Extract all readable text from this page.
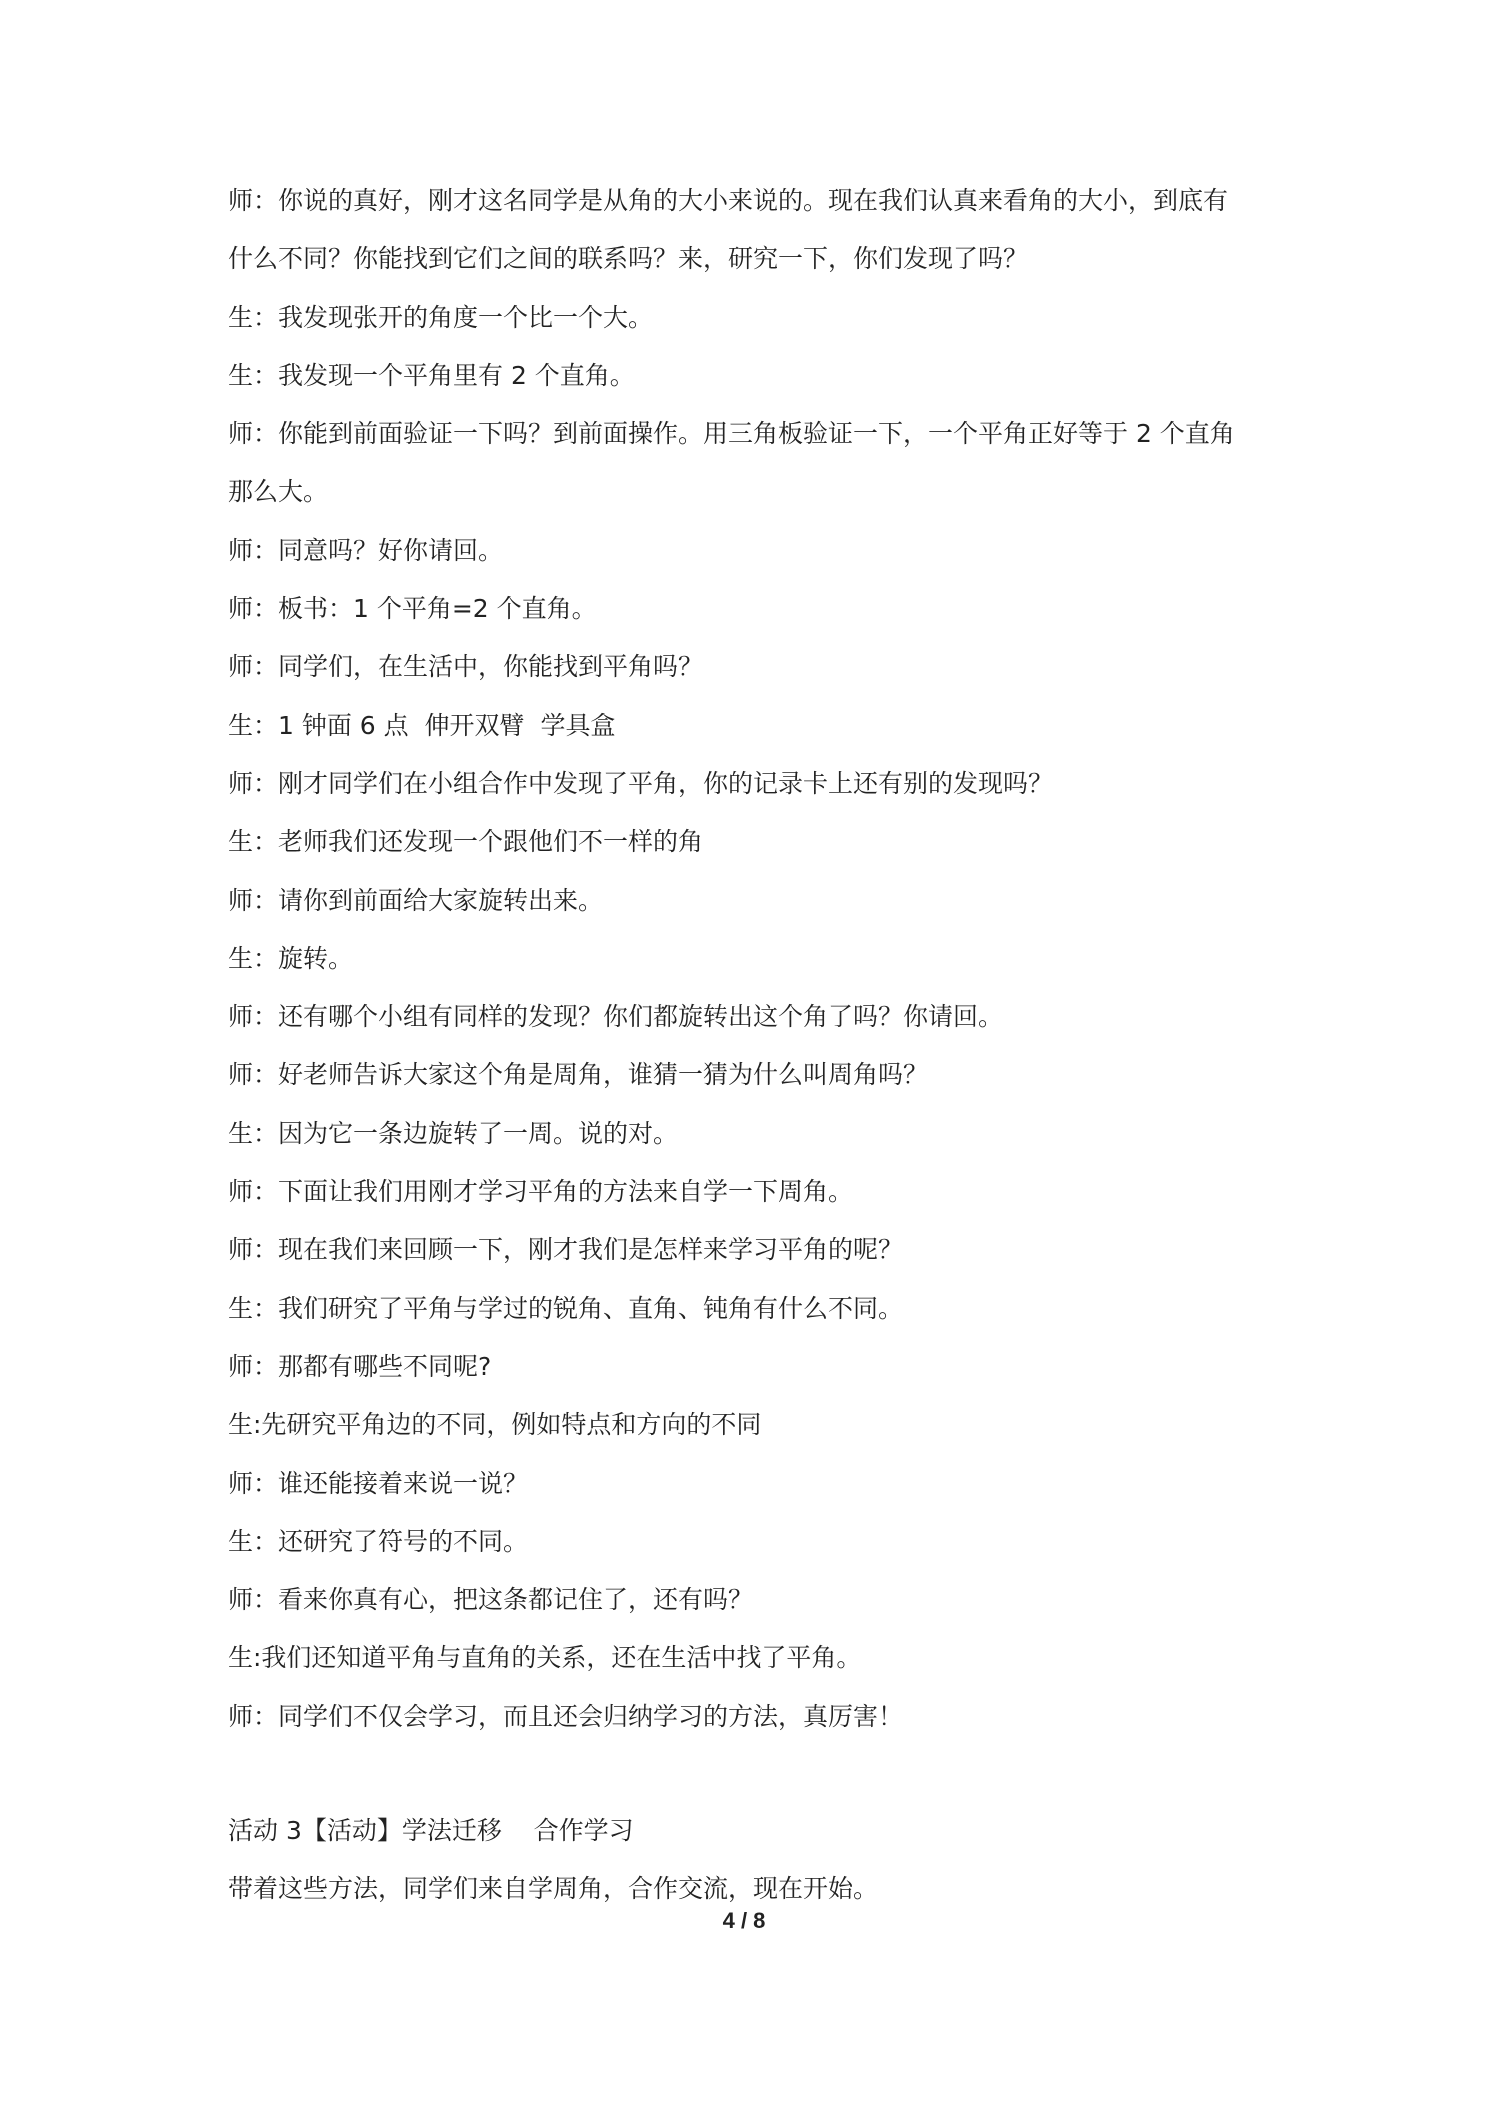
师：你说的真好，刚才这名同学是从角的大小来说的。现在我们认真来看角的大小，到底有
什么不同？你能找到它们之间的联系吗？来，研究一下，你们发现了吗？
生：我发现张开的角度一个比一个大。
生：我发现一个平角里有 2 个直角。
师：你能到前面验证一下吗？到前面操作。用三角板验证一下，一个平角正好等于 2 个直角
那么大。
师：同意吗？好你请回。
师：板书：1 个平角=2 个直角。
师：同学们，在生活中，你能找到平角吗？
生：1 钟面 6 点  伸开双臂  学具盒
师：刚才同学们在小组合作中发现了平角，你的记录卡上还有别的发现吗？
生：老师我们还发现一个跟他们不一样的角
师：请你到前面给大家旋转出来。
生：旋转。
师：还有哪个小组有同样的发现？你们都旋转出这个角了吗？你请回。
师：好老师告诉大家这个角是周角，谁猜一猜为什么叫周角吗？
生：因为它一条边旋转了一周。说的对。
师：下面让我们用刚才学习平角的方法来自学一下周角。
师：现在我们来回顾一下，刚才我们是怎样来学习平角的呢？
生：我们研究了平角与学过的锐角、直角、钝角有什么不同。
师：那都有哪些不同呢?
生:先研究平角边的不同，例如特点和方向的不同
师：谁还能接着来说一说？
生：还研究了符号的不同。
师：看来你真有心，把这条都记住了，还有吗？
生:我们还知道平角与直角的关系，还在生活中找了平角。
师：同学们不仅会学习，而且还会归纳学习的方法，真厉害！
活动 3【活动】学法迁移    合作学习
带着这些方法，同学们来自学周角，合作交流，现在开始。
4 / 8
